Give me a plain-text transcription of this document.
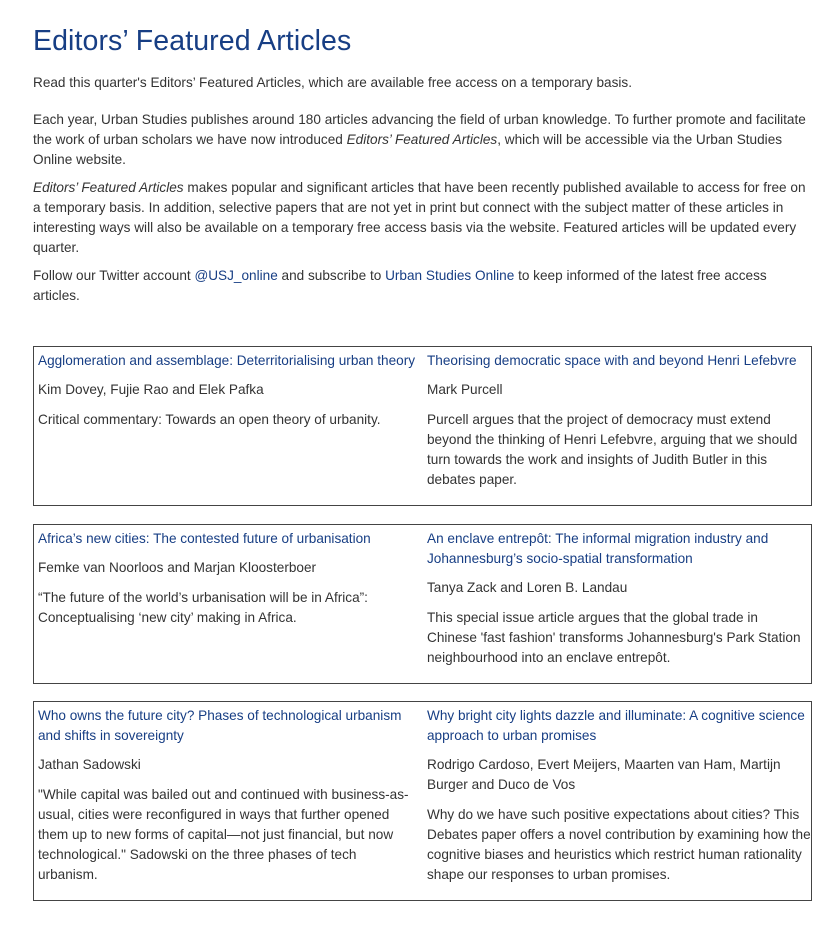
Editors’ Featured Articles

Read this quarter's Editors’ Featured Articles, which are available free access on a temporary basis.

Each year, Urban Studies publishes around 180 articles advancing the field of urban knowledge. To further promote and facilitate the work of urban scholars we have now introduced Editors’ Featured Articles, which will be accessible via the Urban Studies Online website.

Editors’ Featured Articles makes popular and significant articles that have been recently published available to access for free on a temporary basis. In addition, selective papers that are not yet in print but connect with the subject matter of these articles in interesting ways will also be available on a temporary free access basis via the website. Featured articles will be updated every quarter.

Follow our Twitter account @USJ_online and subscribe to Urban Studies Online to keep informed of the latest free access articles.

Agglomeration and assemblage: Deterritorialising urban theory

Kim Dovey, Fujie Rao and Elek Pafka

Critical commentary: Towards an open theory of urbanity.

Theorising democratic space with and beyond Henri Lefebvre

Mark Purcell

Purcell argues that the project of democracy must extend beyond the thinking of Henri Lefebvre, arguing that we should turn towards the work and insights of Judith Butler in this debates paper.

Africa’s new cities: The contested future of urbanisation

Femke van Noorloos and Marjan Kloosterboer

“The future of the world’s urbanisation will be in Africa”: Conceptualising ‘new city’ making in Africa.

An enclave entrepôt: The informal migration industry and Johannesburg’s socio-spatial transformation

Tanya Zack and Loren B. Landau

This special issue article argues that the global trade in Chinese 'fast fashion' transforms Johannesburg's Park Station neighbourhood into an enclave entrepôt.

Who owns the future city? Phases of technological urbanism and shifts in sovereignty

Jathan Sadowski

"While capital was bailed out and continued with business-as-usual, cities were reconfigured in ways that further opened them up to new forms of capital—not just financial, but now technological." Sadowski on the three phases of tech urbanism.

Why bright city lights dazzle and illuminate: A cognitive science approach to urban promises

Rodrigo Cardoso, Evert Meijers, Maarten van Ham, Martijn Burger and Duco de Vos

Why do we have such positive expectations about cities? This Debates paper offers a novel contribution by examining how the cognitive biases and heuristics which restrict human rationality shape our responses to urban promises.
